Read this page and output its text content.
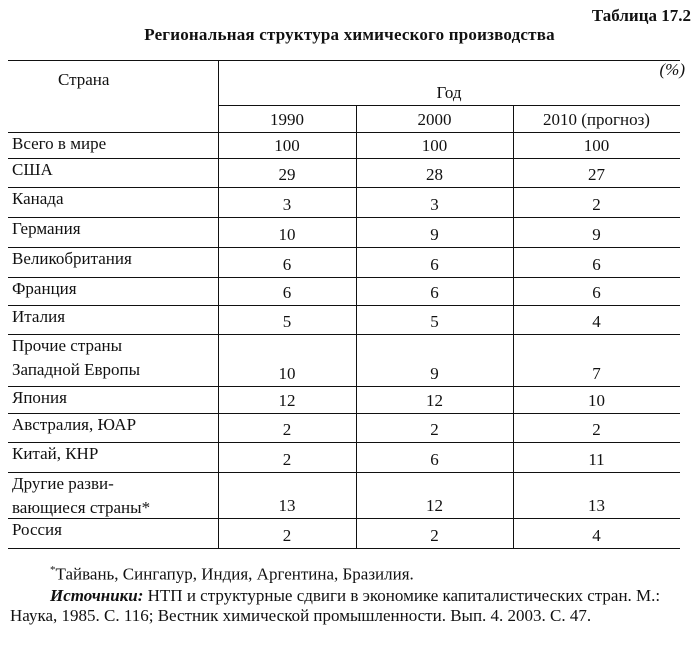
Таблица 17.2
Региональная структура химического производства
(%)
Страна
Год
1990	2000	2010 (прогноз)
Всего в мире	100	100	100
США	29	28	27
Канада	3	3	2
Германия	10	9	9
Великобритания	6	6	6
Франция	6	6	6
Италия	5	5	4
Прочие страны
Западной Европы	10	9	7
Япония	12	12	10
Австралия, ЮАР	2	2	2
Китай, КНР	2	6	11
Другие разви-
вающиеся страны*	13	12	13
Россия	2	2	4
*Тайвань, Сингапур, Индия, Аргентина, Бразилия.
Источники: НТП и структурные сдвиги в экономике капиталистических стран. М.: Наука, 1985. С. 116; Вестник химической промышленности. Вып. 4. 2003. С. 47.
